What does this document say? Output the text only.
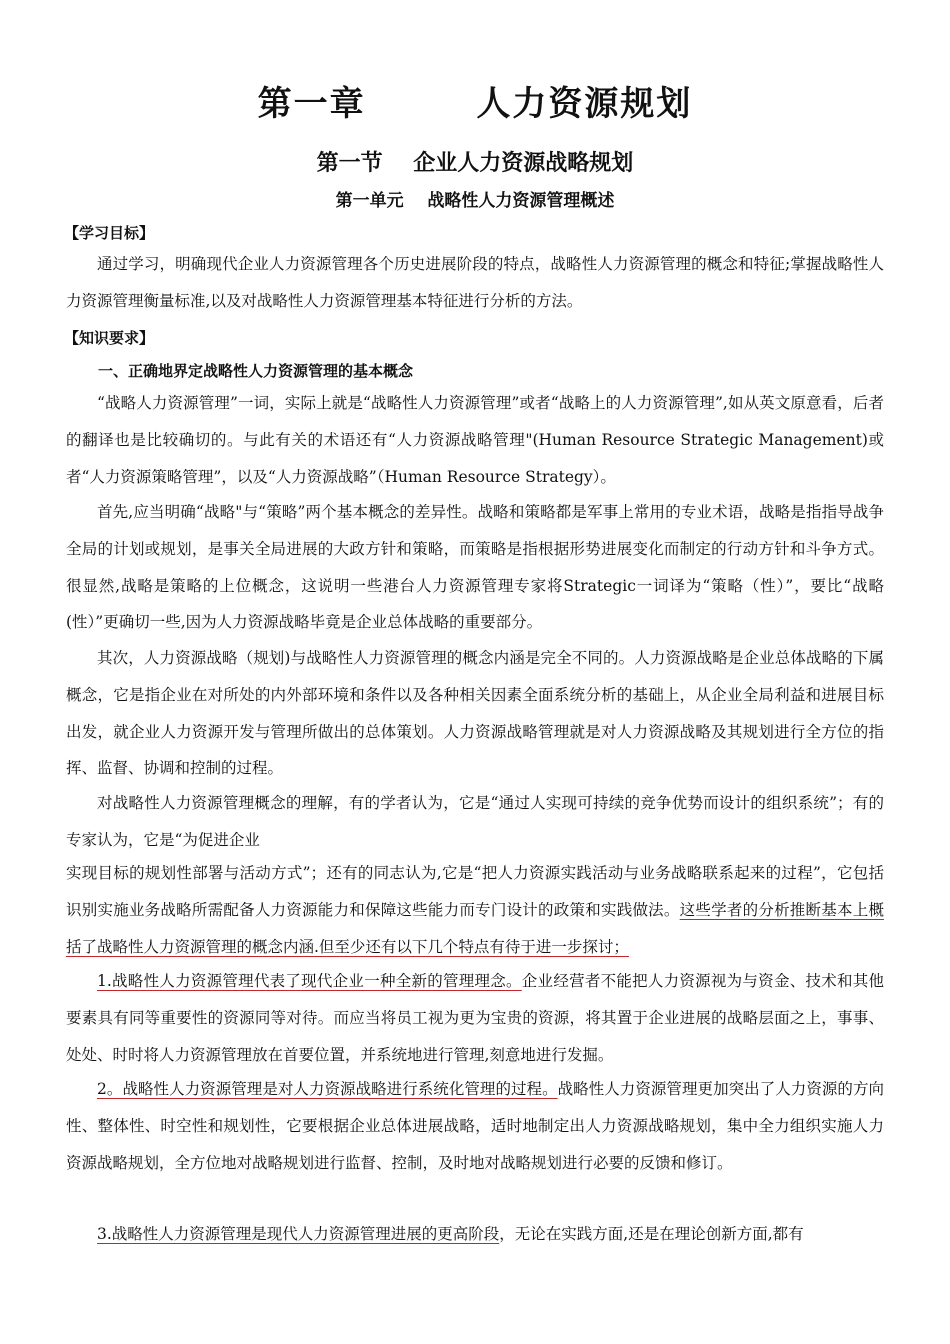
第一章        人力资源规划
第一节    企业人力资源战略规划
第一单元    战略性人力资源管理概述
【学习目标】

通过学习，明确现代企业人力资源管理各个历史进展阶段的特点，战略性人力资源管理的概念和特征;掌握战略性人力资源管理衡量标准,以及对战略性人力资源管理基本特征进行分析的方法。

【知识要求】
一、正确地界定战略性人力资源管理的基本概念

“战略人力资源管理”一词，实际上就是“战略性人力资源管理”或者“战略上的人力资源管理”,如从英文原意看，后者的翻译也是比较确切的。与此有关的术语还有“人力资源战略管理"(Human Resource Strategic Management)或者“人力资源策略管理”，以及“人力资源战略”（Human Resource Strategy）。

首先,应当明确“战略"与“策略”两个基本概念的差异性。战略和策略都是军事上常用的专业术语，战略是指指导战争全局的计划或规划，是事关全局进展的大政方针和策略，而策略是指根据形势进展变化而制定的行动方针和斗争方式。很显然,战略是策略的上位概念，这说明一些港台人力资源管理专家将Strategic一词译为“策略（性）”，要比“战略(性）”更确切一些,因为人力资源战略毕竟是企业总体战略的重要部分。

其次，人力资源战略（规划)与战略性人力资源管理的概念内涵是完全不同的。人力资源战略是企业总体战略的下属概念，它是指企业在对所处的内外部环境和条件以及各种相关因素全面系统分析的基础上，从企业全局利益和进展目标出发，就企业人力资源开发与管理所做出的总体策划。人力资源战略管理就是对人力资源战略及其规划进行全方位的指挥、监督、协调和控制的过程。

对战略性人力资源管理概念的理解，有的学者认为，它是“通过人实现可持续的竞争优势而设计的组织系统”；有的专家认为，它是“为促进企业

实现目标的规划性部署与活动方式”；还有的同志认为,它是“把人力资源实践活动与业务战略联系起来的过程”，它包括识别实施业务战略所需配备人力资源能力和保障这些能力而专门设计的政策和实践做法。这些学者的分析推断基本上概括了战略性人力资源管理的概念内涵.但至少还有以下几个特点有待于进一步探讨；

1.战略性人力资源管理代表了现代企业一种全新的管理理念。企业经营者不能把人力资源视为与资金、技术和其他要素具有同等重要性的资源同等对待。而应当将员工视为更为宝贵的资源，将其置于企业进展的战略层面之上，事事、处处、时时将人力资源管理放在首要位置，并系统地进行管理,刻意地进行发掘。

2。战略性人力资源管理是对人力资源战略进行系统化管理的过程。战略性人力资源管理更加突出了人力资源的方向性、整体性、时空性和规划性，它要根据企业总体进展战略，适时地制定出人力资源战略规划，集中全力组织实施人力资源战略规划，全方位地对战略规划进行监督、控制，及时地对战略规划进行必要的反馈和修订。

3.战略性人力资源管理是现代人力资源管理进展的更高阶段，无论在实践方面,还是在理论创新方面,都有
